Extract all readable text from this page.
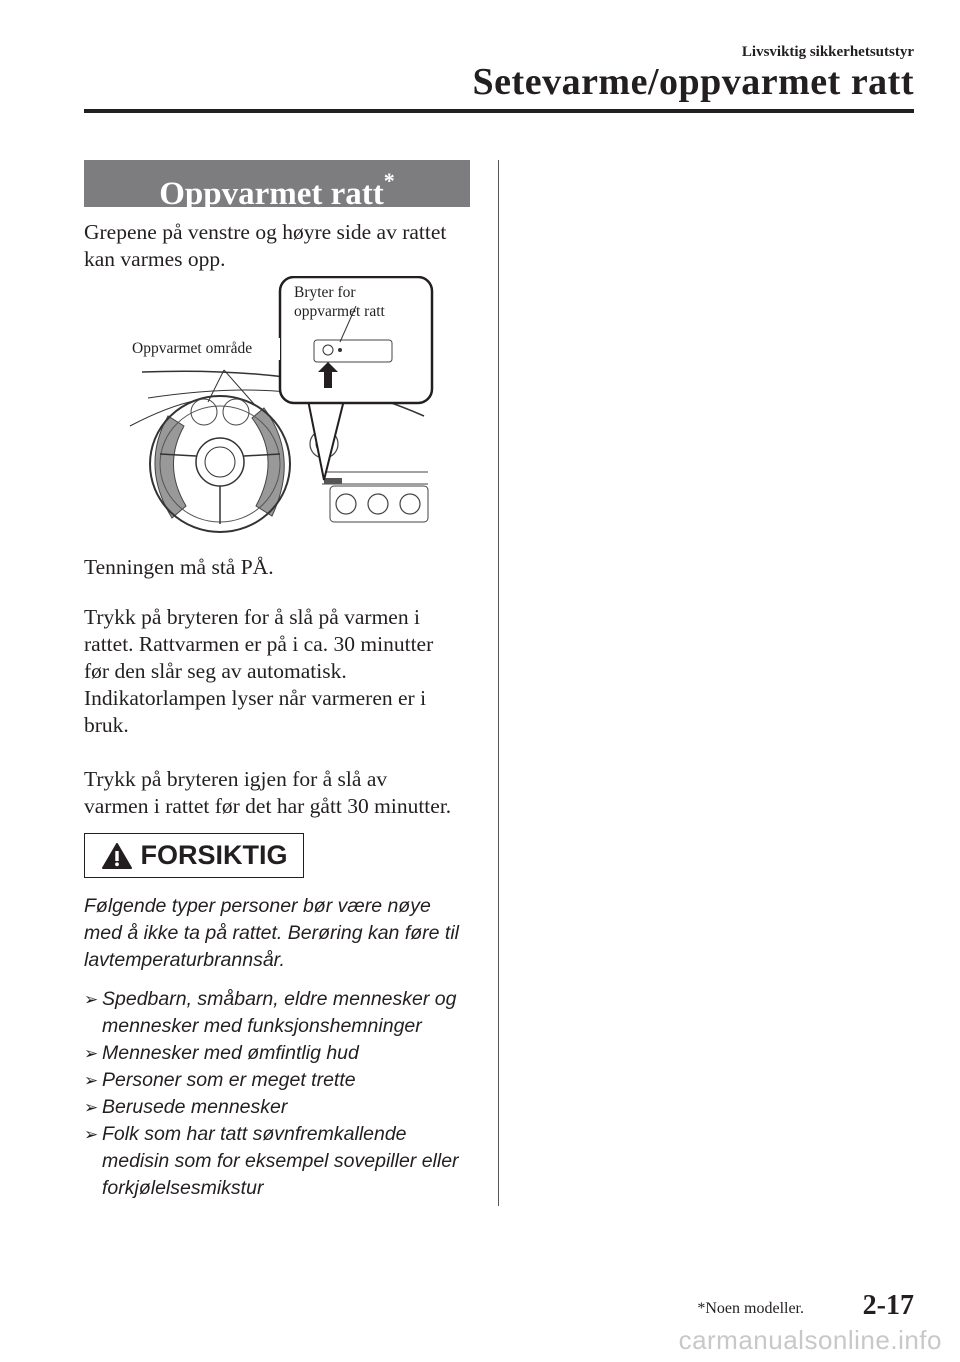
Livsviktig sikkerhetsutstyr
Setevarme/oppvarmet ratt
Oppvarmet ratt*
Grepene på venstre og høyre side av rattet
kan varmes opp.
Bryter for
oppvarmet ratt
Oppvarmet område
Tenningen må stå PÅ.
Trykk på bryteren for å slå på varmen i
rattet. Rattvarmen er på i ca. 30 minutter
før den slår seg av automatisk.
Indikatorlampen lyser når varmeren er i
bruk.
Trykk på bryteren igjen for å slå av
varmen i rattet før det har gått 30 minutter.
FORSIKTIG
Følgende typer personer bør være nøye
med å ikke ta på rattet. Berøring kan føre til
lavtemperaturbrannsår.
➢ Spedbarn, småbarn, eldre mennesker og
mennesker med funksjonshemninger
➢ Mennesker med ømfintlig hud
➢ Personer som er meget trette
➢ Berusede mennesker
➢ Folk som har tatt søvnfremkallende
medisin som for eksempel sovepiller eller
forkjølelsesmikstur
*Noen modeller. 2-17
carmanualsonline.info
